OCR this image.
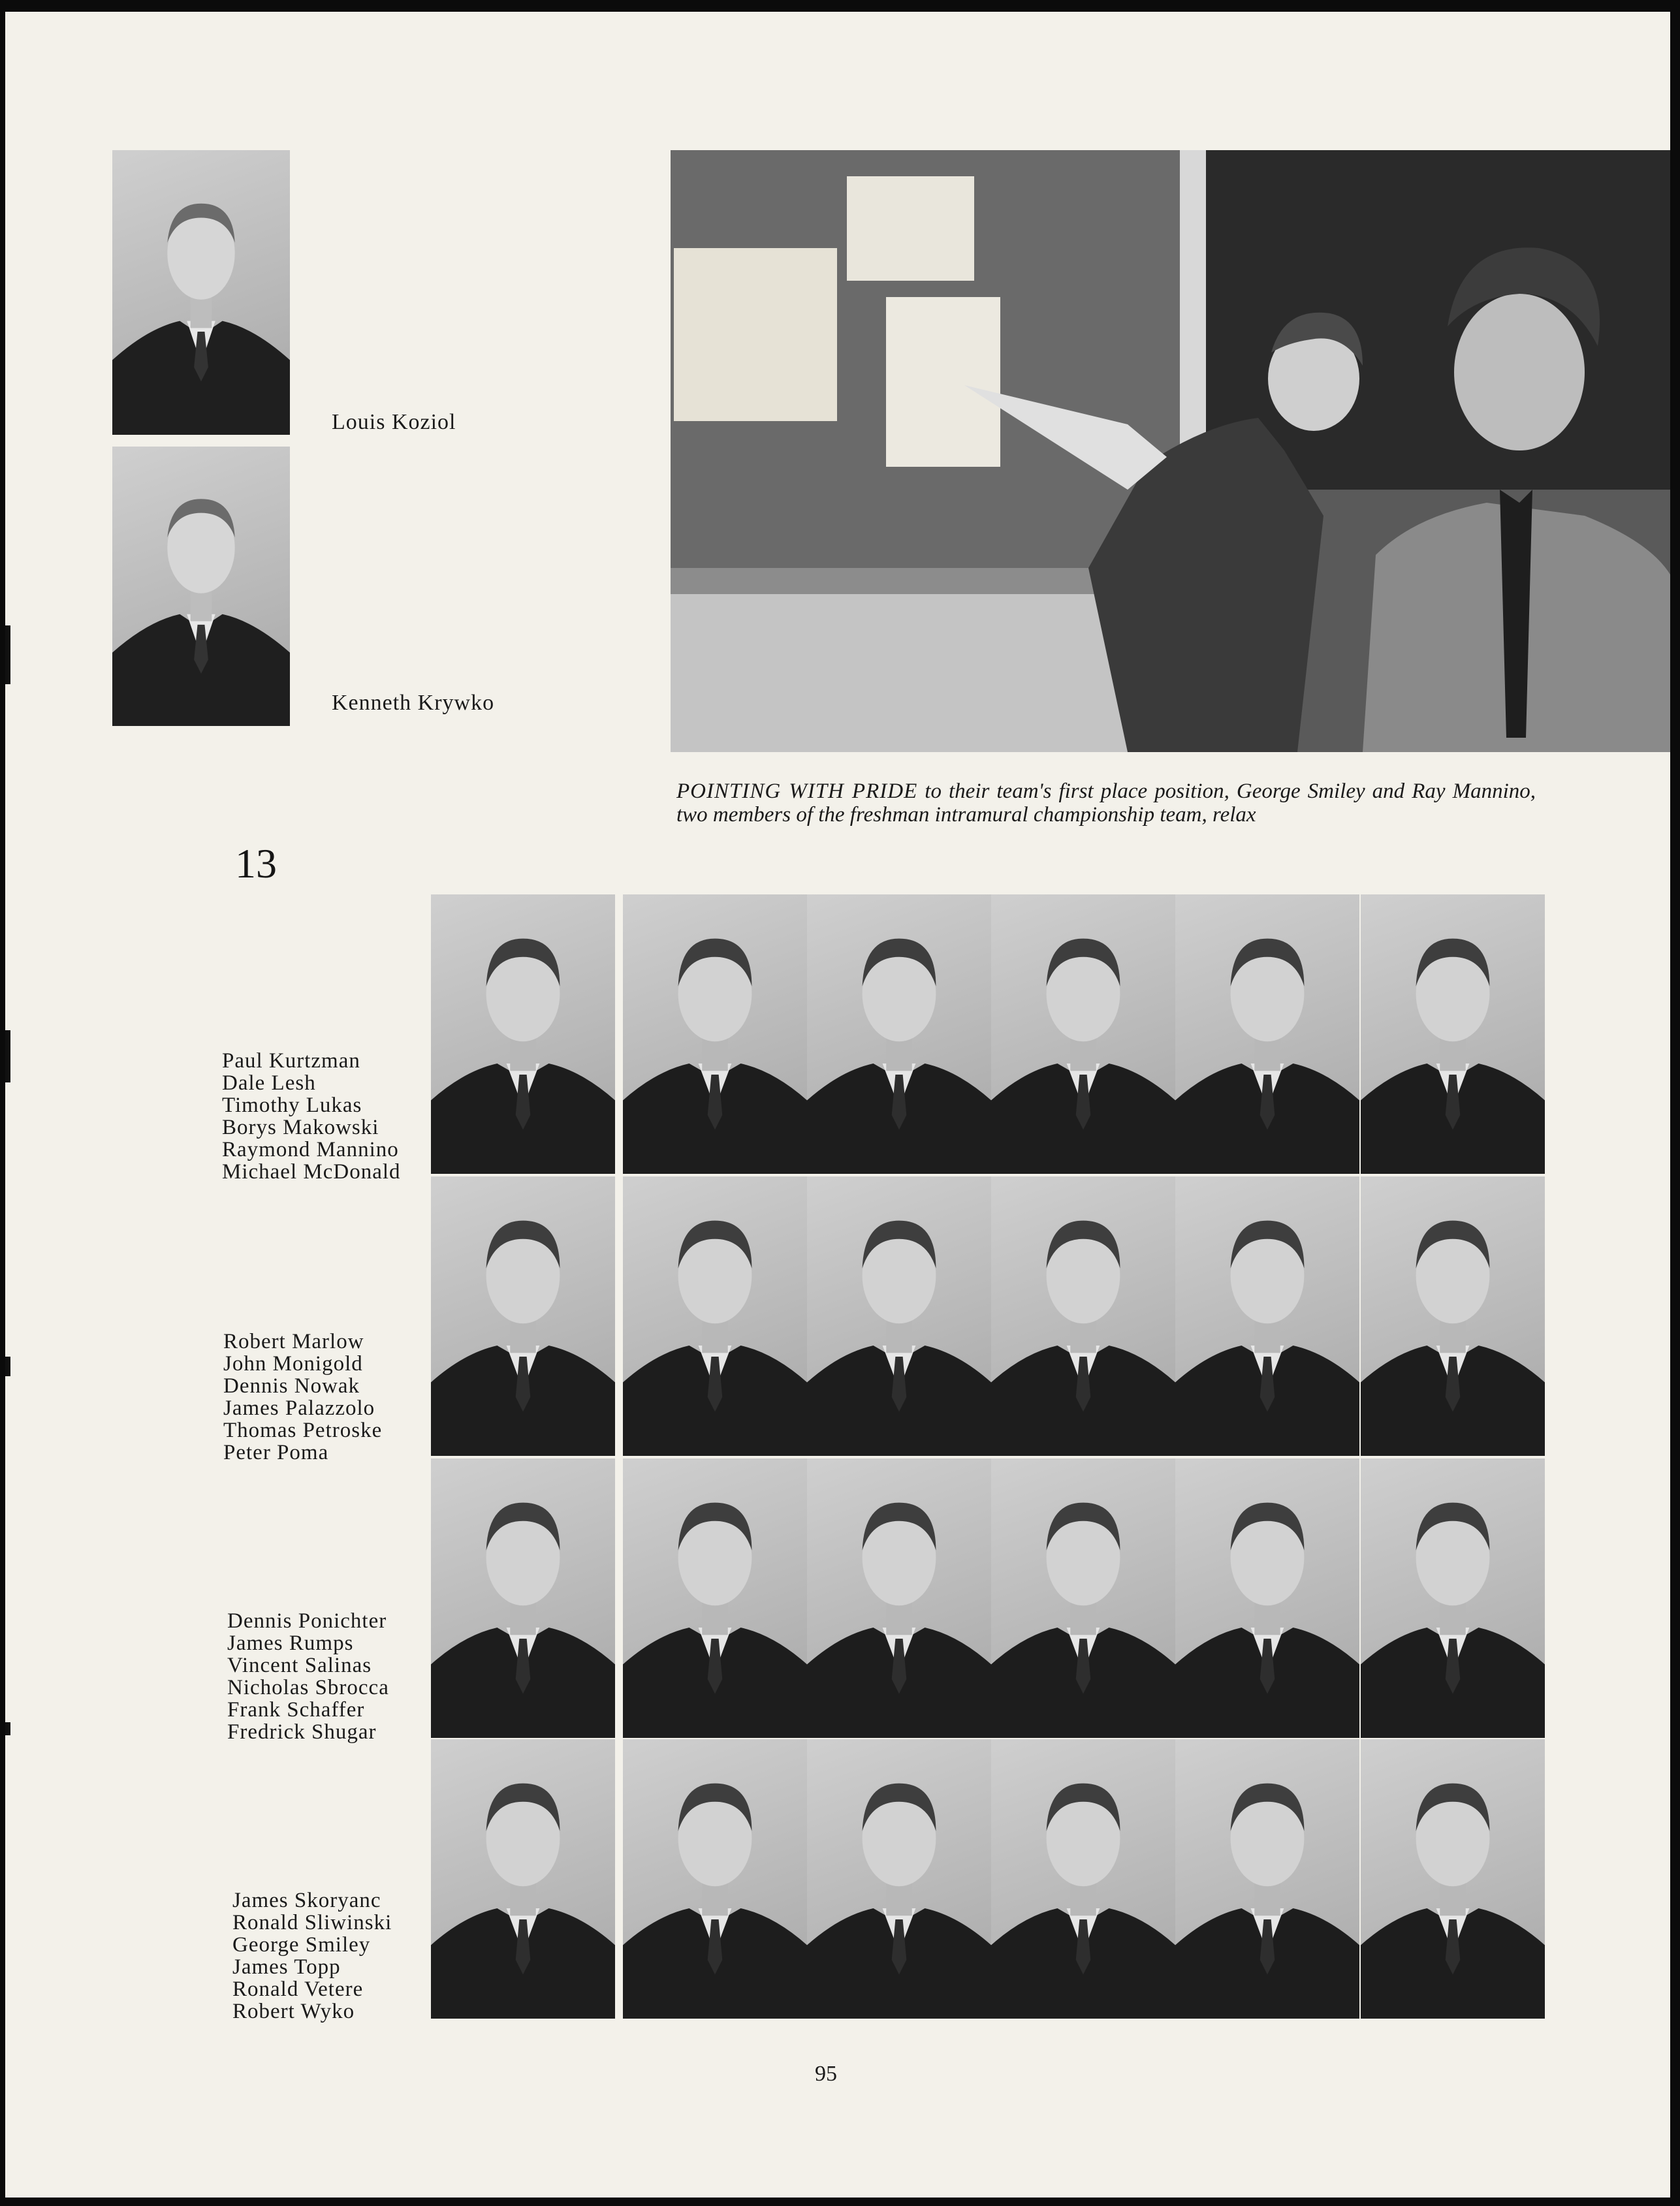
Louis Koziol
Kenneth Krywko
POINTING WITH PRIDE to their team's first place position, George Smiley and Ray Mannino, two members of the freshman intramural championship team, relax
13
Paul Kurtzman
Dale Lesh
Timothy Lukas
Borys Makowski
Raymond Mannino
Michael McDonald
Robert Marlow
John Monigold
Dennis Nowak
James Palazzolo
Thomas Petroske
Peter Poma
Dennis Ponichter
James Rumps
Vincent Salinas
Nicholas Sbrocca
Frank Schaffer
Fredrick Shugar
James Skoryanc
Ronald Sliwinski
George Smiley
James Topp
Ronald Vetere
Robert Wyko
95
